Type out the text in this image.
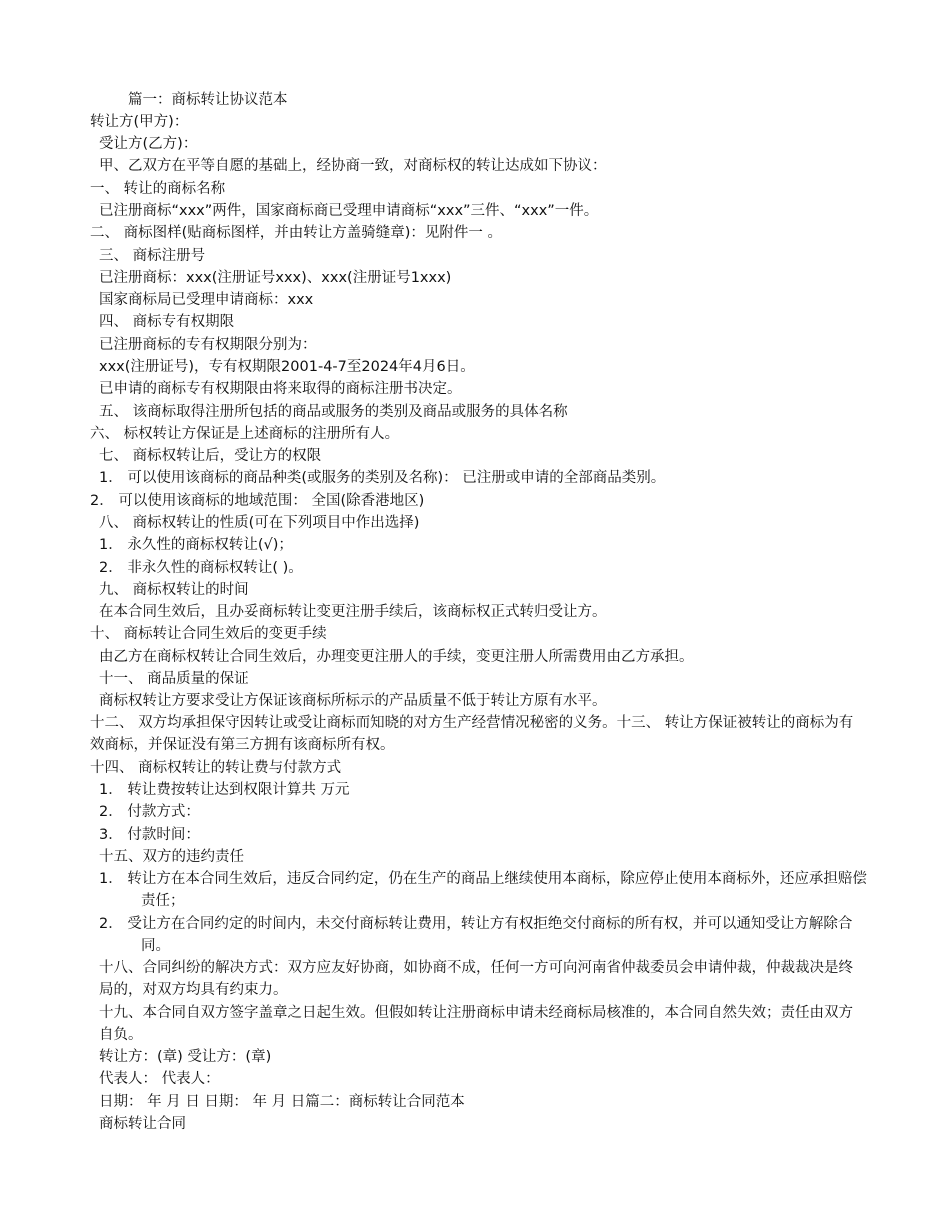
篇一：商标转让协议范本
转让方(甲方)：
受让方(乙方)：
甲、乙双方在平等自愿的基础上，经协商一致，对商标权的转让达成如下协议：
一、 转让的商标名称
已注册商标“xxx”两件，国家商标商已受理申请商标“xxx”三件、“xxx”一件。
二、 商标图样(贴商标图样，并由转让方盖骑缝章)：见附件一 。
三、 商标注册号
已注册商标：xxx(注册证号xxx)、xxx(注册证号1xxx)
国家商标局已受理申请商标：xxx
四、 商标专有权期限
已注册商标的专有权期限分别为：
xxx(注册证号)，专有权期限2001-4-7至2024年4月6日。
已申请的商标专有权期限由将来取得的商标注册书决定。
五、 该商标取得注册所包括的商品或服务的类别及商品或服务的具体名称
六、 标权转让方保证是上述商标的注册所有人。
七、 商标权转让后，受让方的权限
1． 可以使用该商标的商品种类(或服务的类别及名称)： 已注册或申请的全部商品类别。
2． 可以使用该商标的地域范围： 全国(除香港地区)
八、 商标权转让的性质(可在下列项目中作出选择)
1． 永久性的商标权转让(√)；
2． 非永久性的商标权转让( )。
九、 商标权转让的时间
在本合同生效后，且办妥商标转让变更注册手续后，该商标权正式转归受让方。
十、 商标转让合同生效后的变更手续
由乙方在商标权转让合同生效后，办理变更注册人的手续，变更注册人所需费用由乙方承担。
十一、 商品质量的保证
商标权转让方要求受让方保证该商标所标示的产品质量不低于转让方原有水平。
十二、 双方均承担保守因转让或受让商标而知晓的对方生产经营情况秘密的义务。十三、 转让方保证被转让的商标为有效商标，并保证没有第三方拥有该商标所有权。
十四、 商标权转让的转让费与付款方式
1． 转让费按转让达到权限计算共 万元
2． 付款方式：
3． 付款时间：
十五、双方的违约责任
1． 转让方在本合同生效后，违反合同约定，仍在生产的商品上继续使用本商标，除应停止使用本商标外，还应承担赔偿责任；
2． 受让方在合同约定的时间内，未交付商标转让费用，转让方有权拒绝交付商标的所有权，并可以通知受让方解除合同。
十八、合同纠纷的解决方式：双方应友好协商，如协商不成，任何一方可向河南省仲裁委员会申请仲裁，仲裁裁决是终局的，对双方均具有约束力。
十九、本合同自双方签字盖章之日起生效。但假如转让注册商标申请未经商标局核准的，本合同自然失效；责任由双方自负。
转让方：(章) 受让方：(章)
代表人： 代表人：
日期： 年 月 日 日期： 年 月 日篇二：商标转让合同范本
商标转让合同
